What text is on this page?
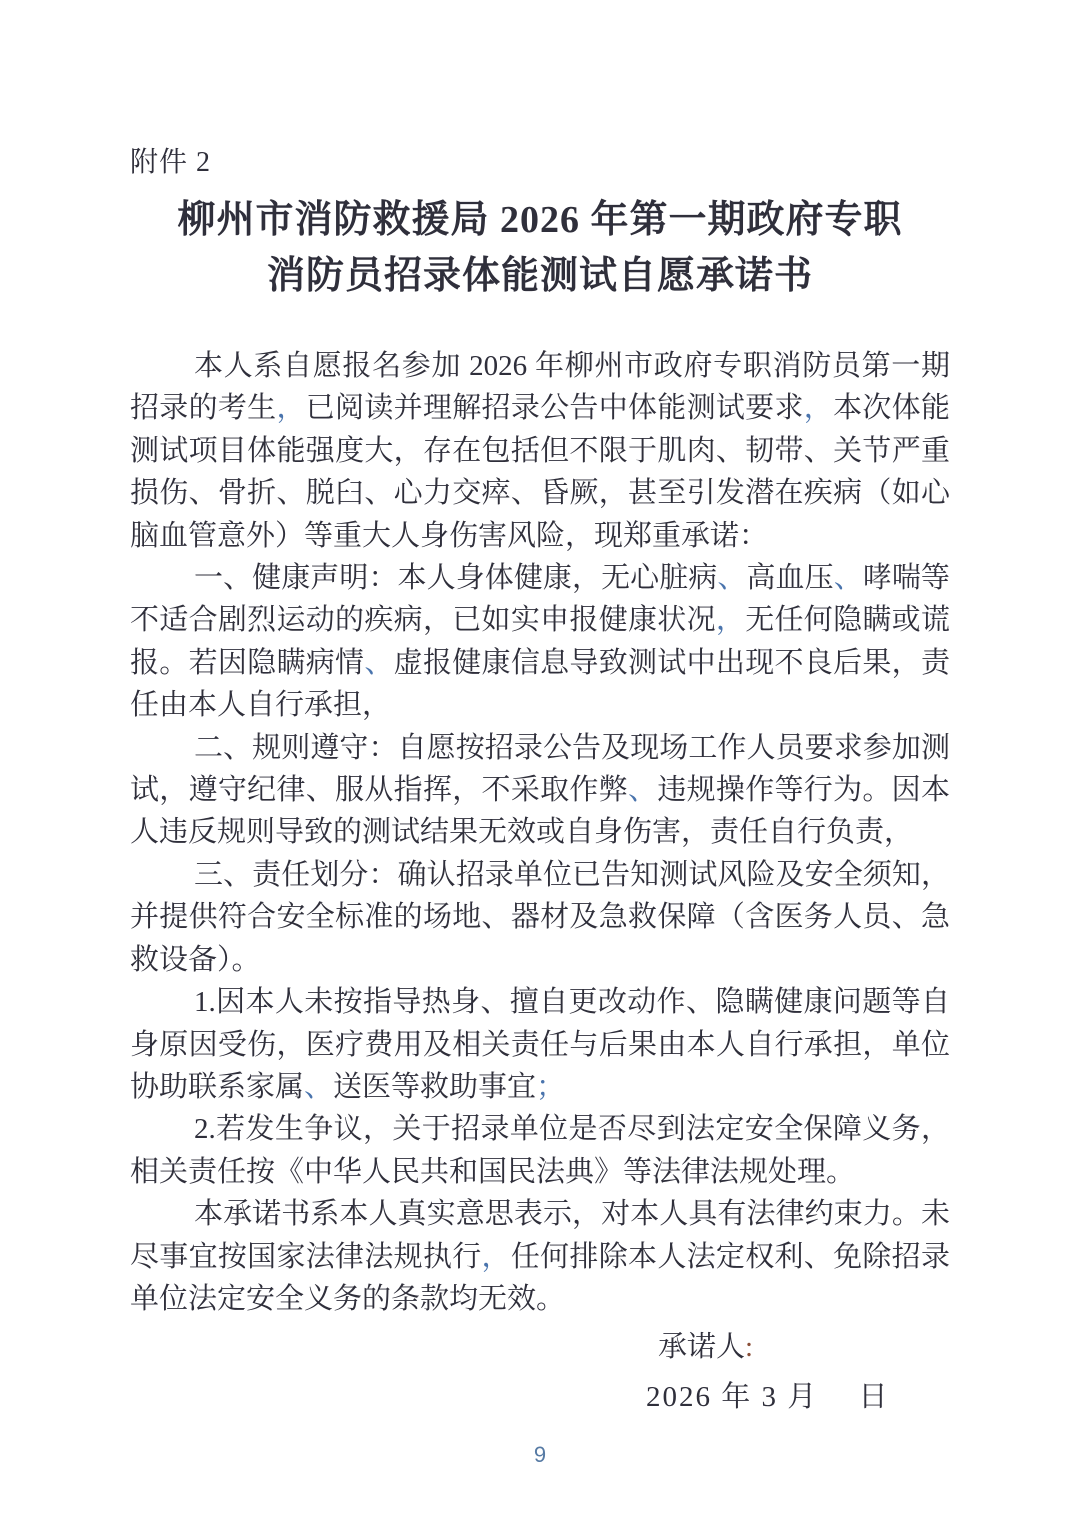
附件 2
柳州市消防救援局 2026 年第一期政府专职
消防员招录体能测试自愿承诺书

本人系自愿报名参加 2026 年柳州市政府专职消防员第一期招录的考生，已阅读并理解招录公告中体能测试要求，本次体能测试项目体能强度大，存在包括但不限于肌肉、韧带、关节严重损伤、骨折、脱臼、心力交瘁、昏厥，甚至引发潜在疾病（如心脑血管意外）等重大人身伤害风险，现郑重承诺：

一、健康声明：本人身体健康，无心脏病、高血压、哮喘等不适合剧烈运动的疾病，已如实申报健康状况，无任何隐瞒或谎报。若因隐瞒病情、虚报健康信息导致测试中出现不良后果，责任由本人自行承担，

二、规则遵守：自愿按招录公告及现场工作人员要求参加测试，遵守纪律、服从指挥，不采取作弊、违规操作等行为。因本人违反规则导致的测试结果无效或自身伤害，责任自行负责，

三、责任划分：确认招录单位已告知测试风险及安全须知，并提供符合安全标准的场地、器材及急救保障（含医务人员、急救设备）。

1.因本人未按指导热身、擅自更改动作、隐瞒健康问题等自身原因受伤，医疗费用及相关责任与后果由本人自行承担，单位协助联系家属、送医等救助事宜；

2.若发生争议，关于招录单位是否尽到法定安全保障义务，相关责任按《中华人民共和国民法典》等法律法规处理。

本承诺书系本人真实意思表示，对本人具有法律约束力。未尽事宜按国家法律法规执行，任何排除本人法定权利、免除招录单位法定安全义务的条款均无效。

承诺人:
2026 年 3 月　 日
9
